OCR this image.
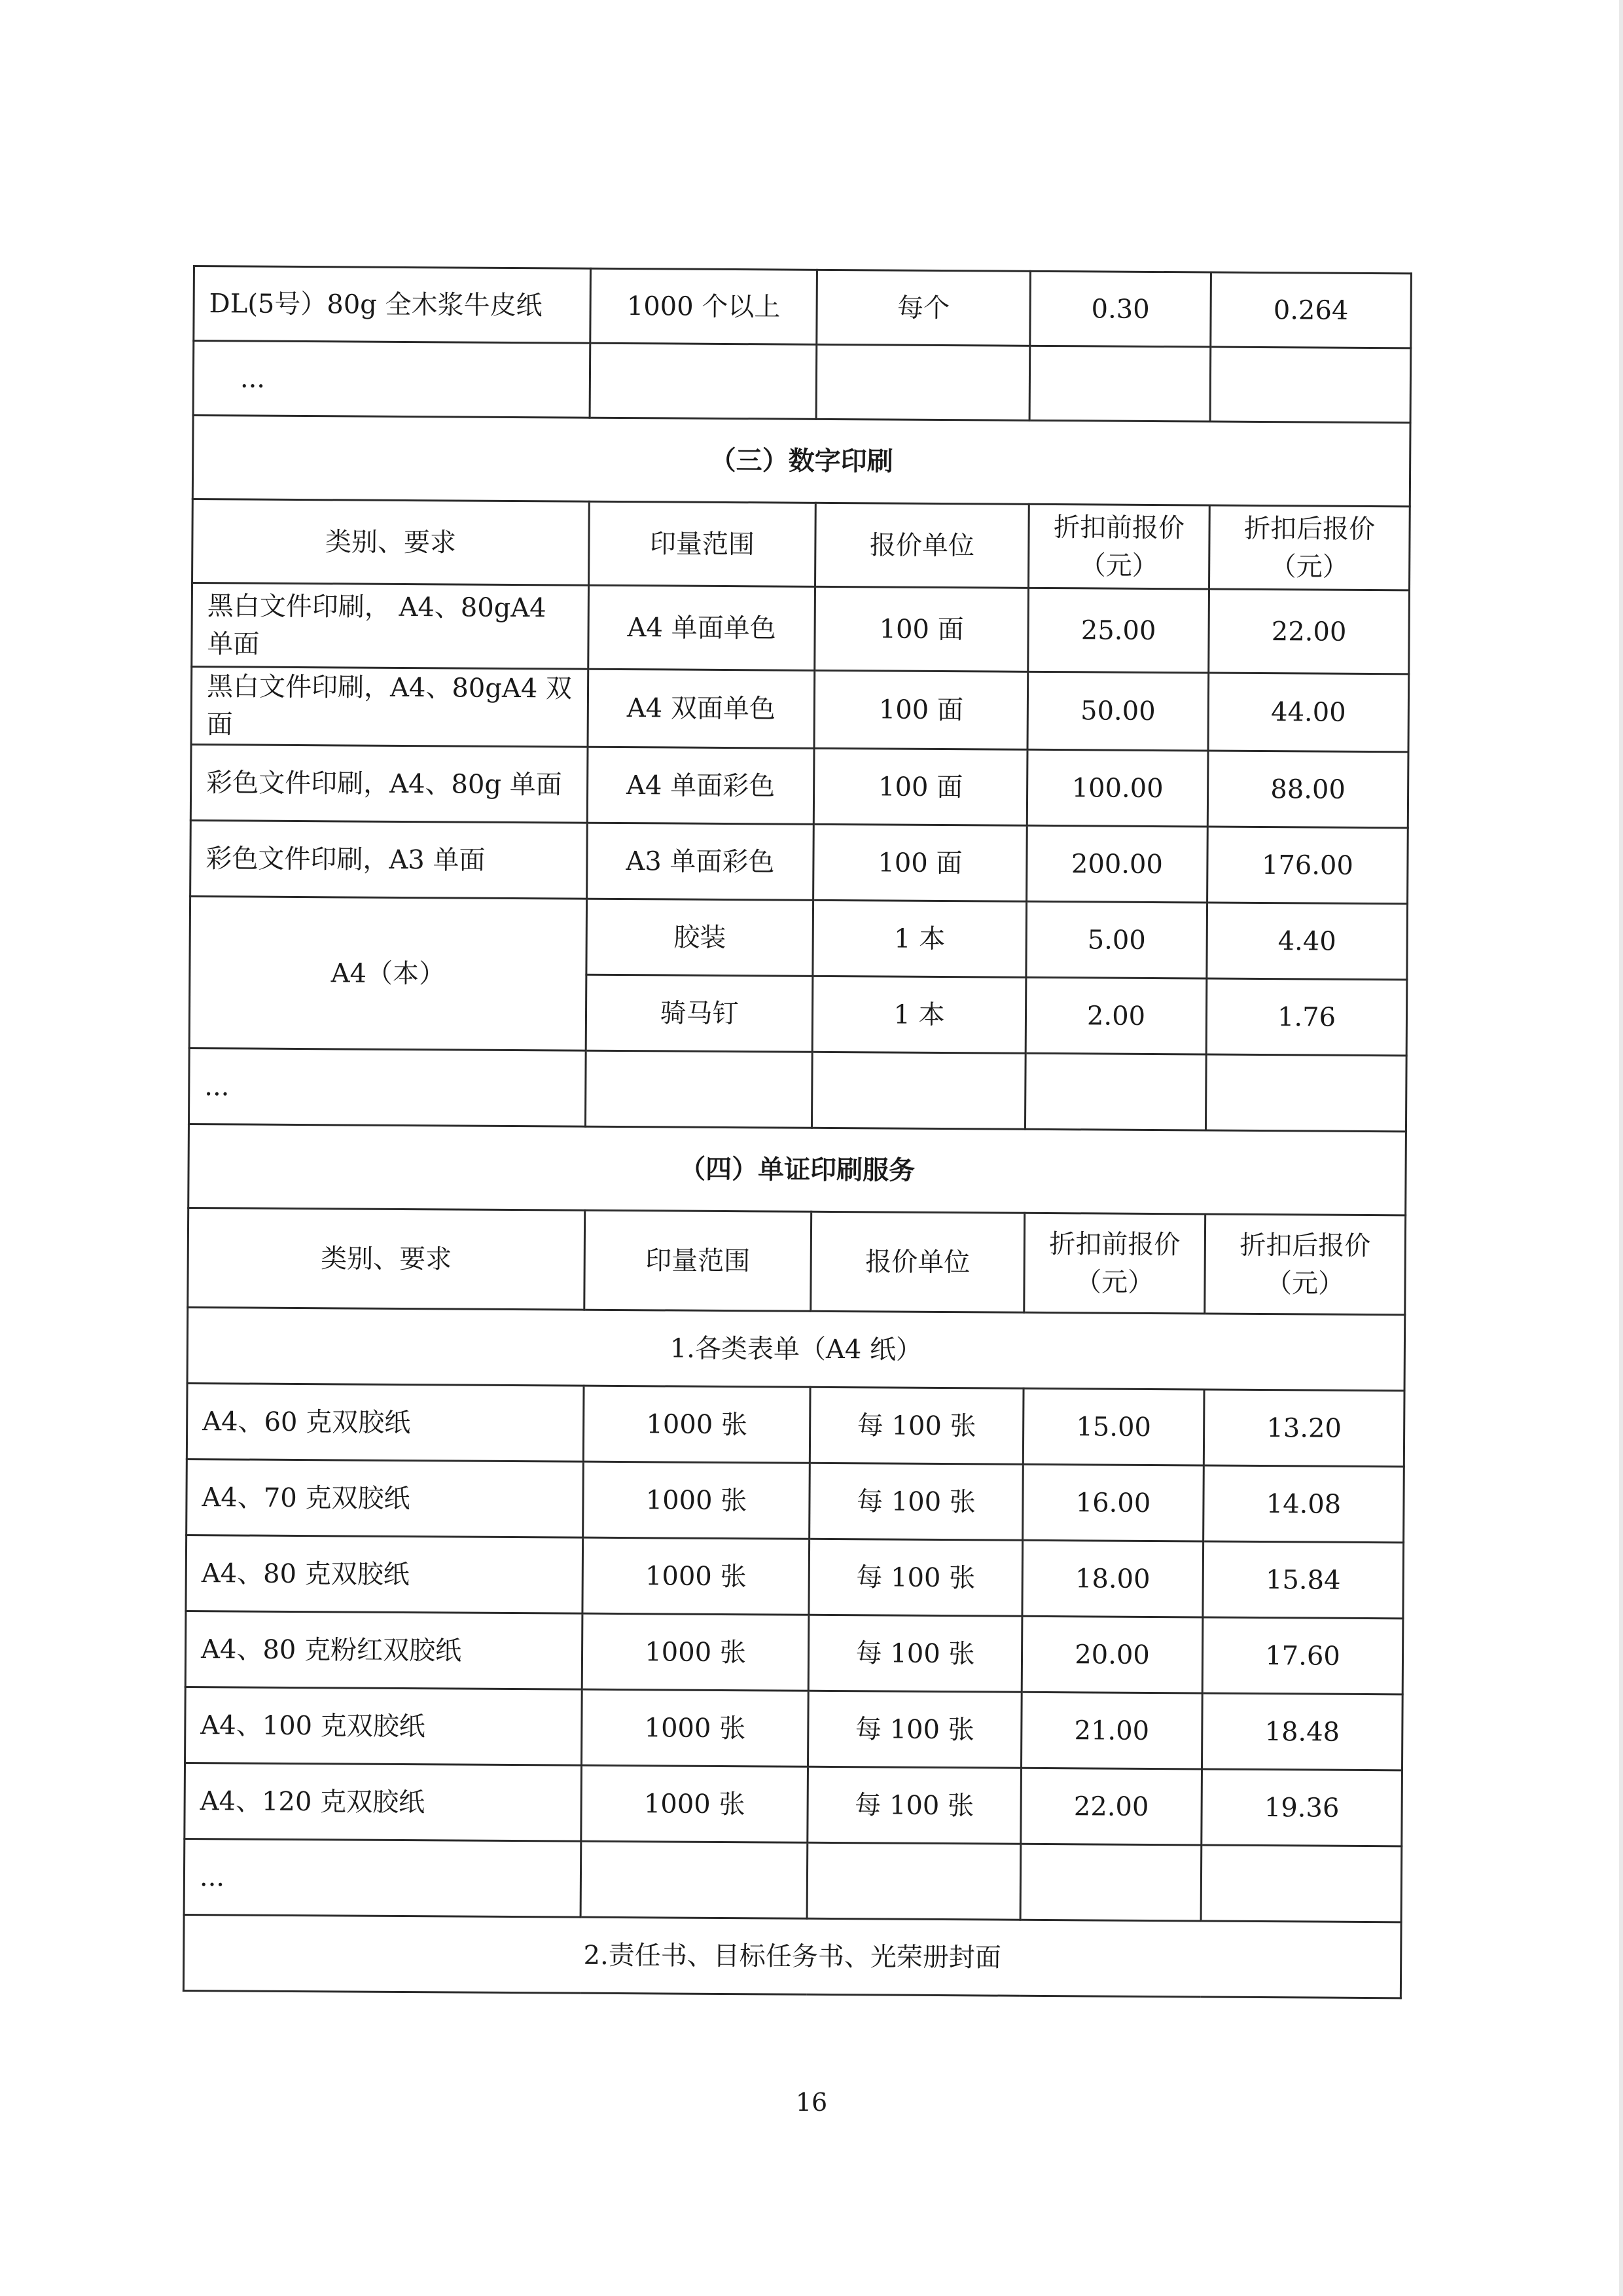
DL(5号）80g 全木浆牛皮纸	1000 个以上	每个	0.30	0.264
...				
（三）数字印刷				
类别、要求	印量范围	报价单位	折扣前报价（元）	折扣后报价（元）
黑白文件印刷， A4、80gA4 单面	A4 单面单色	100 面	25.00	22.00
黑白文件印刷，A4、80gA4 双面	A4 双面单色	100 面	50.00	44.00
彩色文件印刷，A4、80g 单面	A4 单面彩色	100 面	100.00	88.00
彩色文件印刷，A3 单面	A3 单面彩色	100 面	200.00	176.00
A4（本）	胶装	1 本	5.00	4.40
	骑马钉	1 本	2.00	1.76
...				
（四）单证印刷服务				
类别、要求	印量范围	报价单位	折扣前报价（元）	折扣后报价（元）
1.各类表单（A4 纸）				
A4、60 克双胶纸	1000 张	每 100 张	15.00	13.20
A4、70 克双胶纸	1000 张	每 100 张	16.00	14.08
A4、80 克双胶纸	1000 张	每 100 张	18.00	15.84
A4、80 克粉红双胶纸	1000 张	每 100 张	20.00	17.60
A4、100 克双胶纸	1000 张	每 100 张	21.00	18.48
A4、120 克双胶纸	1000 张	每 100 张	22.00	19.36
...				
2.责任书、目标任务书、光荣册封面				
16
